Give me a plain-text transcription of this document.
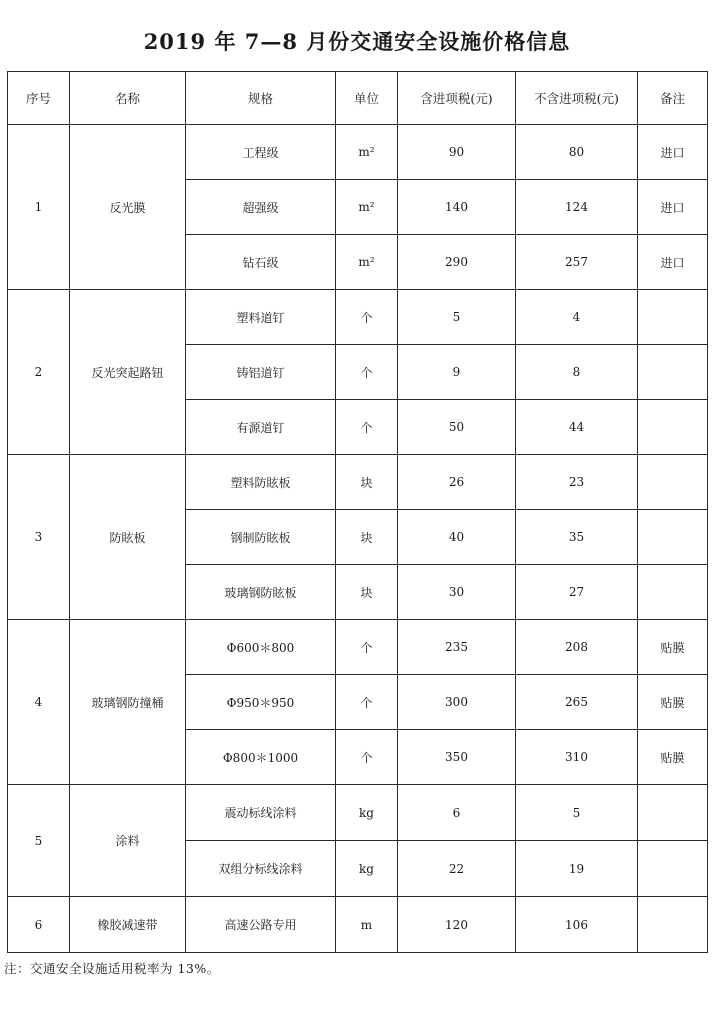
2019 年 7—8 月份交通安全设施价格信息
序号	名称	规格	单位	含进项税(元)	不含进项税(元)	备注
1	反光膜	工程级	m²	90	80	进口
		超强级	m²	140	124	进口
		钻石级	m²	290	257	进口
2	反光突起路钮	塑料道钉	个	5	4	
		铸铝道钉	个	9	8	
		有源道钉	个	50	44	
3	防眩板	塑料防眩板	块	26	23	
		钢制防眩板	块	40	35	
		玻璃钢防眩板	块	30	27	
4	玻璃钢防撞桶	Φ600＊800	个	235	208	贴膜
		Φ950＊950	个	300	265	贴膜
		Φ800＊1000	个	350	310	贴膜
5	涂料	震动标线涂料	kg	6	5	
		双组分标线涂料	kg	22	19	
6	橡胶减速带	高速公路专用	m	120	106	
注：交通安全设施适用税率为 13%。
